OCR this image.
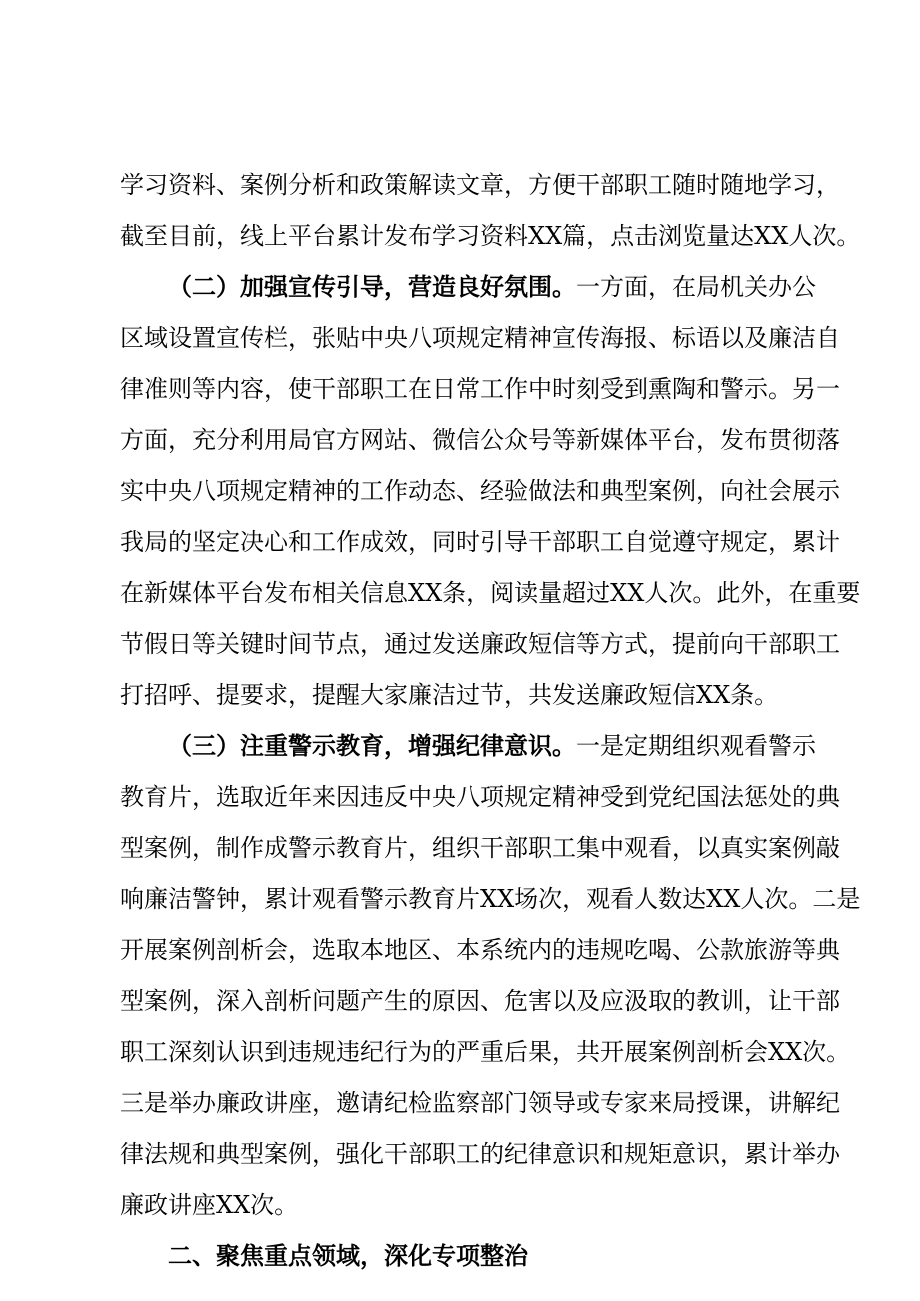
学习资料、案例分析和政策解读文章，方便干部职工随时随地学习，
截至目前，线上平台累计发布学习资料XX篇，点击浏览量达XX人次。
（二）加强宣传引导，营造良好氛围。一方面，在局机关办公
区域设置宣传栏，张贴中央八项规定精神宣传海报、标语以及廉洁自
律准则等内容，使干部职工在日常工作中时刻受到熏陶和警示。另一
方面，充分利用局官方网站、微信公众号等新媒体平台，发布贯彻落
实中央八项规定精神的工作动态、经验做法和典型案例，向社会展示
我局的坚定决心和工作成效，同时引导干部职工自觉遵守规定，累计
在新媒体平台发布相关信息XX条，阅读量超过XX人次。此外，在重要
节假日等关键时间节点，通过发送廉政短信等方式，提前向干部职工
打招呼、提要求，提醒大家廉洁过节，共发送廉政短信XX条。
（三）注重警示教育，增强纪律意识。一是定期组织观看警示
教育片，选取近年来因违反中央八项规定精神受到党纪国法惩处的典
型案例，制作成警示教育片，组织干部职工集中观看，以真实案例敲
响廉洁警钟，累计观看警示教育片XX场次，观看人数达XX人次。二是
开展案例剖析会，选取本地区、本系统内的违规吃喝、公款旅游等典
型案例，深入剖析问题产生的原因、危害以及应汲取的教训，让干部
职工深刻认识到违规违纪行为的严重后果，共开展案例剖析会XX次。
三是举办廉政讲座，邀请纪检监察部门领导或专家来局授课，讲解纪
律法规和典型案例，强化干部职工的纪律意识和规矩意识，累计举办
廉政讲座XX次。
二、聚焦重点领域，深化专项整治
